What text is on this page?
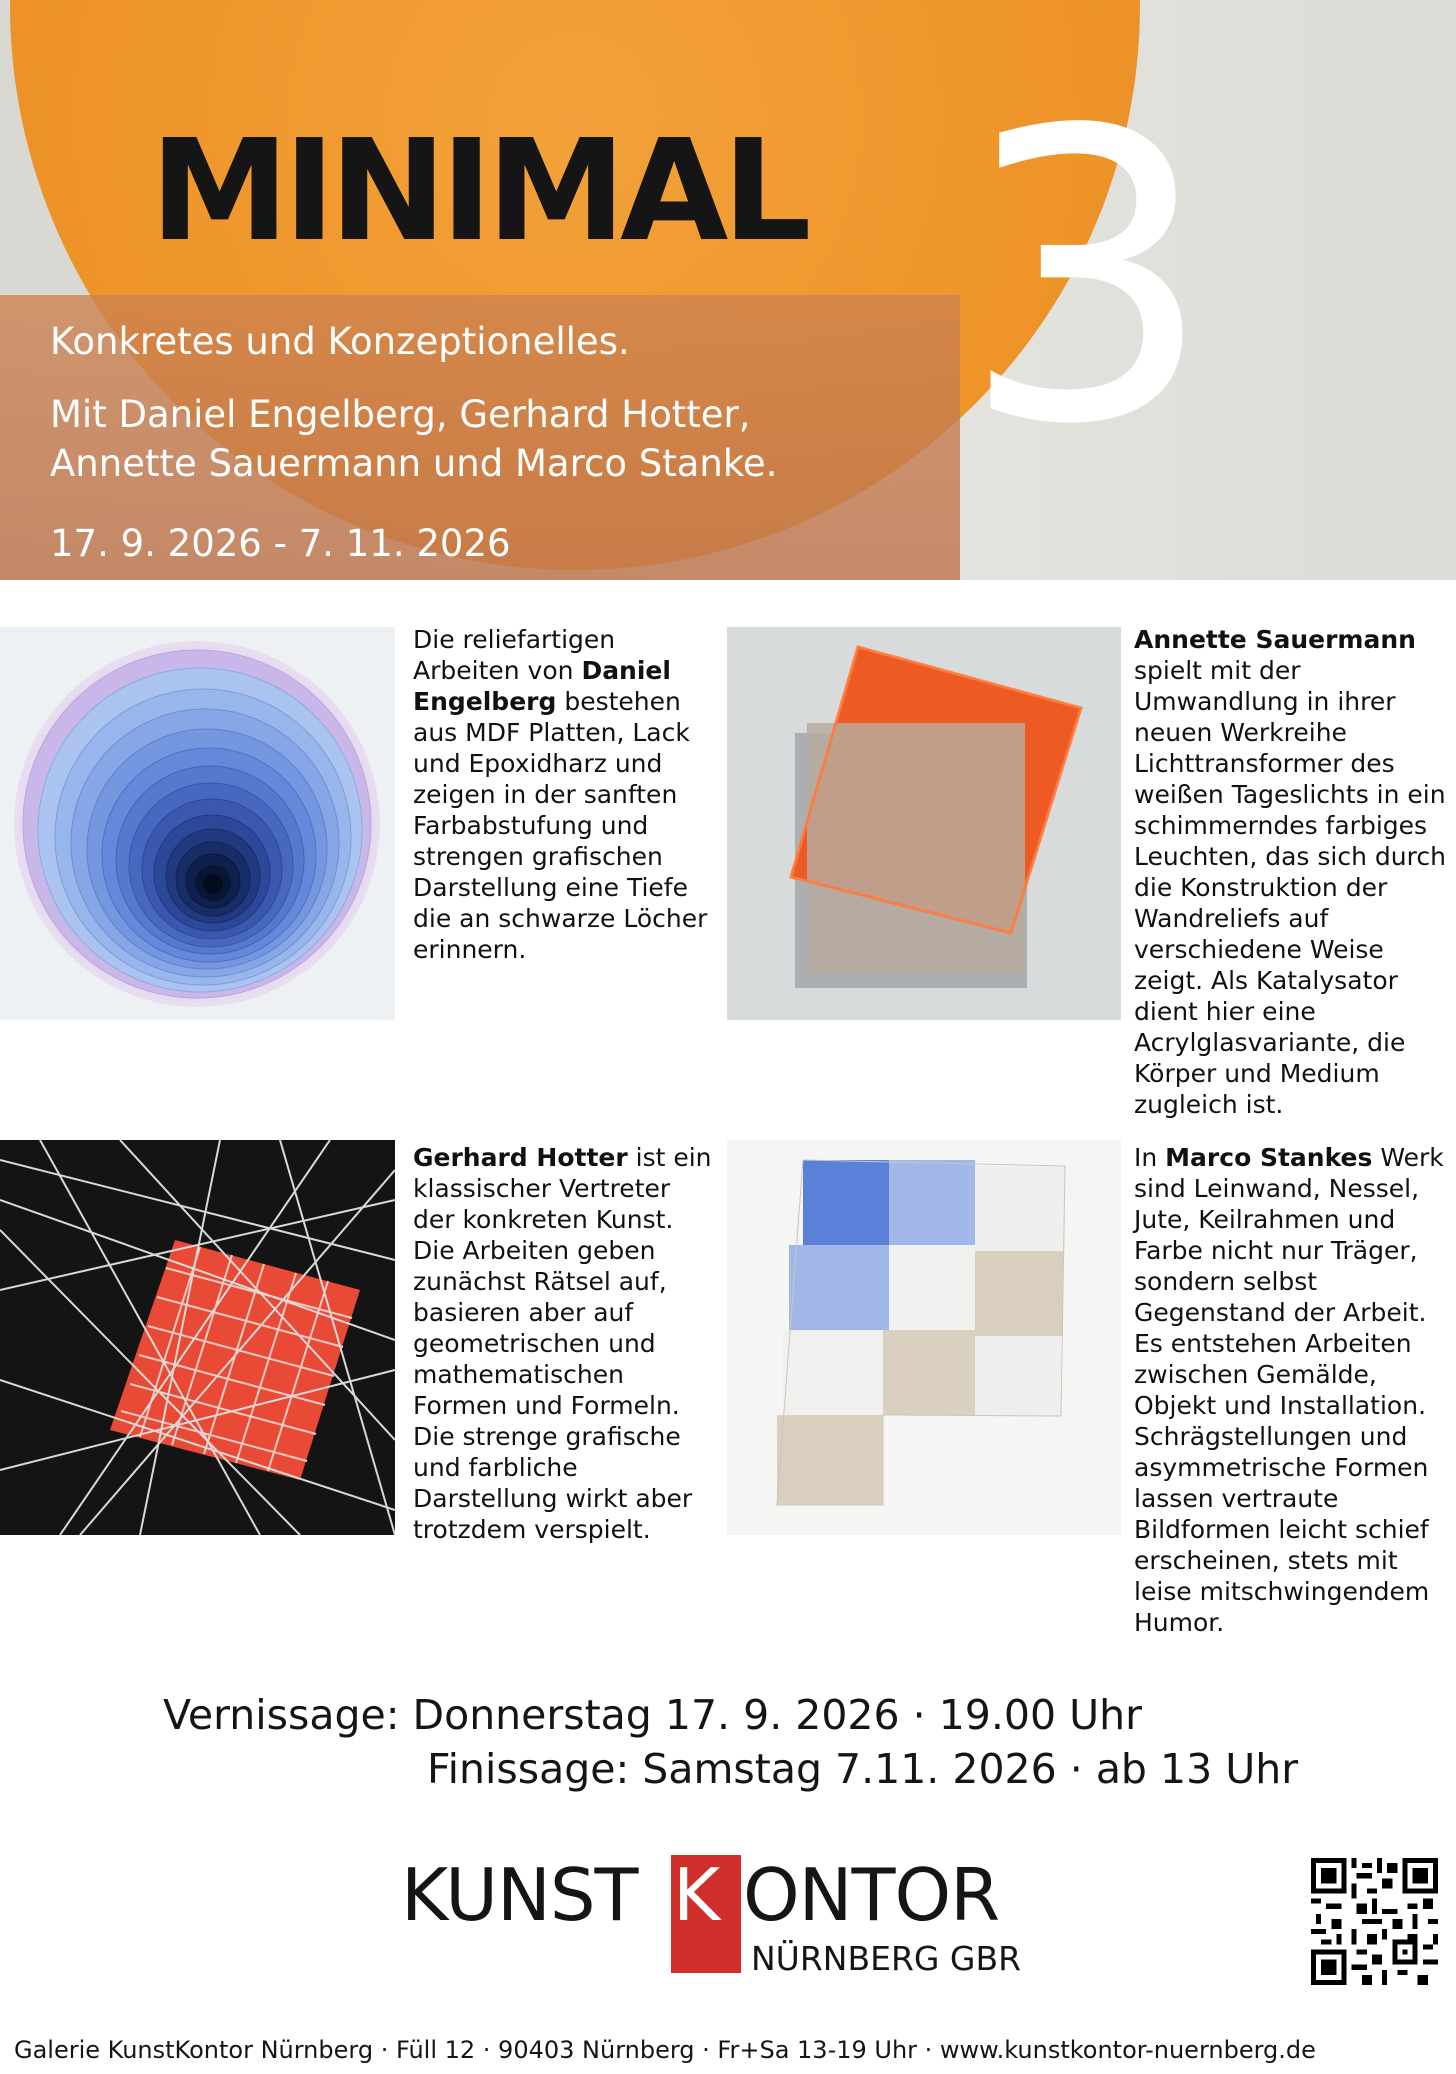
MINIMAL 3
Konkretes und Konzeptionelles.
Mit Daniel Engelberg, Gerhard Hotter,
Annette Sauermann und Marco Stanke.
17. 9. 2026 - 7. 11. 2026

Die reliefartigen Arbeiten von Daniel Engelberg bestehen aus MDF Platten, Lack und Epoxidharz und zeigen in der sanften Farbabstufung und strengen grafischen Darstellung eine Tiefe die an schwarze Löcher erinnern.

Annette Sauermann spielt mit der Umwandlung in ihrer neuen Werkreihe Lichttransformer des weißen Tageslichts in ein schimmerndes farbiges Leuchten, das sich durch die Konstruktion der Wandreliefs auf verschiedene Weise zeigt. Als Katalysator dient hier eine Acrylglasvariante, die Körper und Medium zugleich ist.

Gerhard Hotter ist ein klassischer Vertreter der konkreten Kunst. Die Arbeiten geben zunächst Rätsel auf, basieren aber auf geometrischen und mathematischen Formen und Formeln. Die strenge grafische und farbliche Darstellung wirkt aber trotzdem verspielt.

In Marco Stankes Werk sind Leinwand, Nessel, Jute, Keilrahmen und Farbe nicht nur Träger, sondern selbst Gegenstand der Arbeit. Es entstehen Arbeiten zwischen Gemälde, Objekt und Installation. Schrägstellungen und asymmetrische Formen lassen vertraute Bildformen leicht schief erscheinen, stets mit leise mitschwingendem Humor.

Vernissage: Donnerstag 17. 9. 2026 · 19.00 Uhr
Finissage: Samstag 7.11. 2026 · ab 13 Uhr
KUNST K ONTOR
NÜRNBERG GBR
Galerie KunstKontor Nürnberg · Füll 12 · 90403 Nürnberg · Fr+Sa 13-19 Uhr · www.kunstkontor-nuernberg.de
